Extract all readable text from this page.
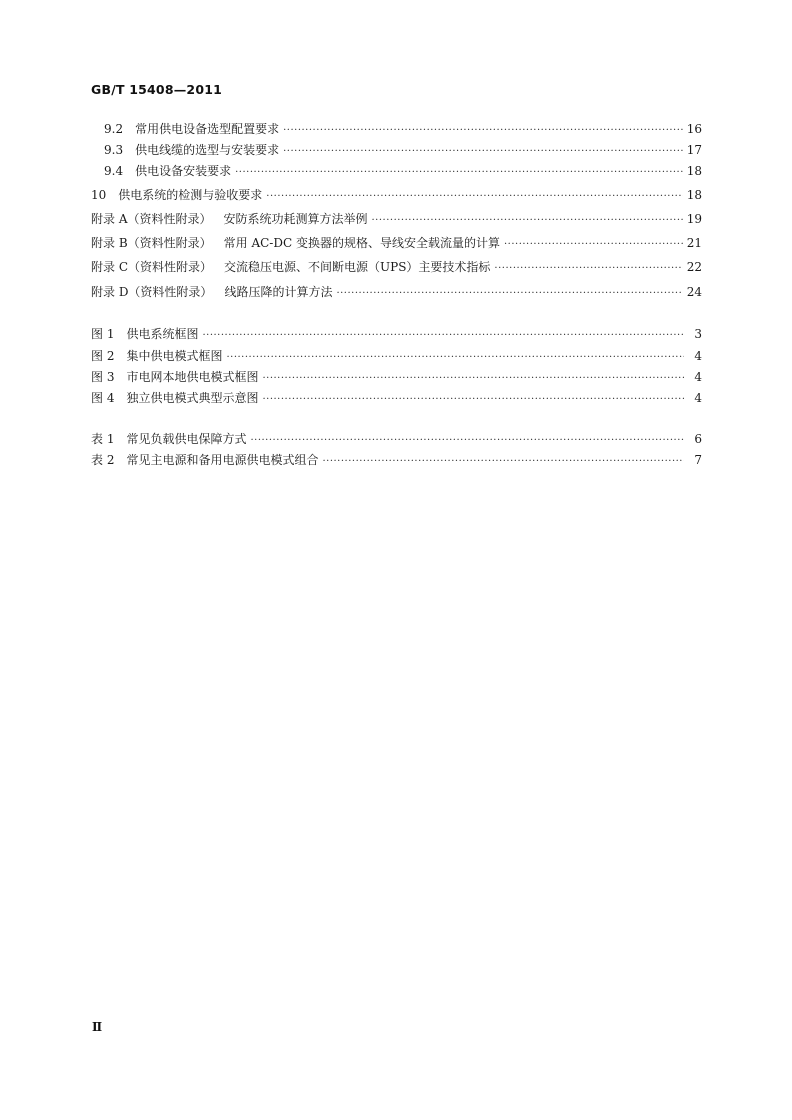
GB/T 15408—2011
9.2 常用供电设备选型配置要求 ·····	16
9.3 供电线缆的选型与安装要求 ·····	17
9.4 供电设备安装要求 ·····	18
10 供电系统的检测与验收要求 ·····	18
附录 A（资料性附录） 安防系统功耗测算方法举例 ·····	19
附录 B（资料性附录） 常用 AC-DC 变换器的规格、导线安全载流量的计算 ·····	21
附录 C（资料性附录） 交流稳压电源、不间断电源（UPS）主要技术指标 ·····	22
附录 D（资料性附录） 线路压降的计算方法 ·····	24
图 1 供电系统框图 ·····	3
图 2 集中供电模式框图 ·····	4
图 3 市电网本地供电模式框图 ·····	4
图 4 独立供电模式典型示意图 ·····	4
表 1 常见负载供电保障方式 ·····	6
表 2 常见主电源和备用电源供电模式组合 ·····	7
Ⅱ
